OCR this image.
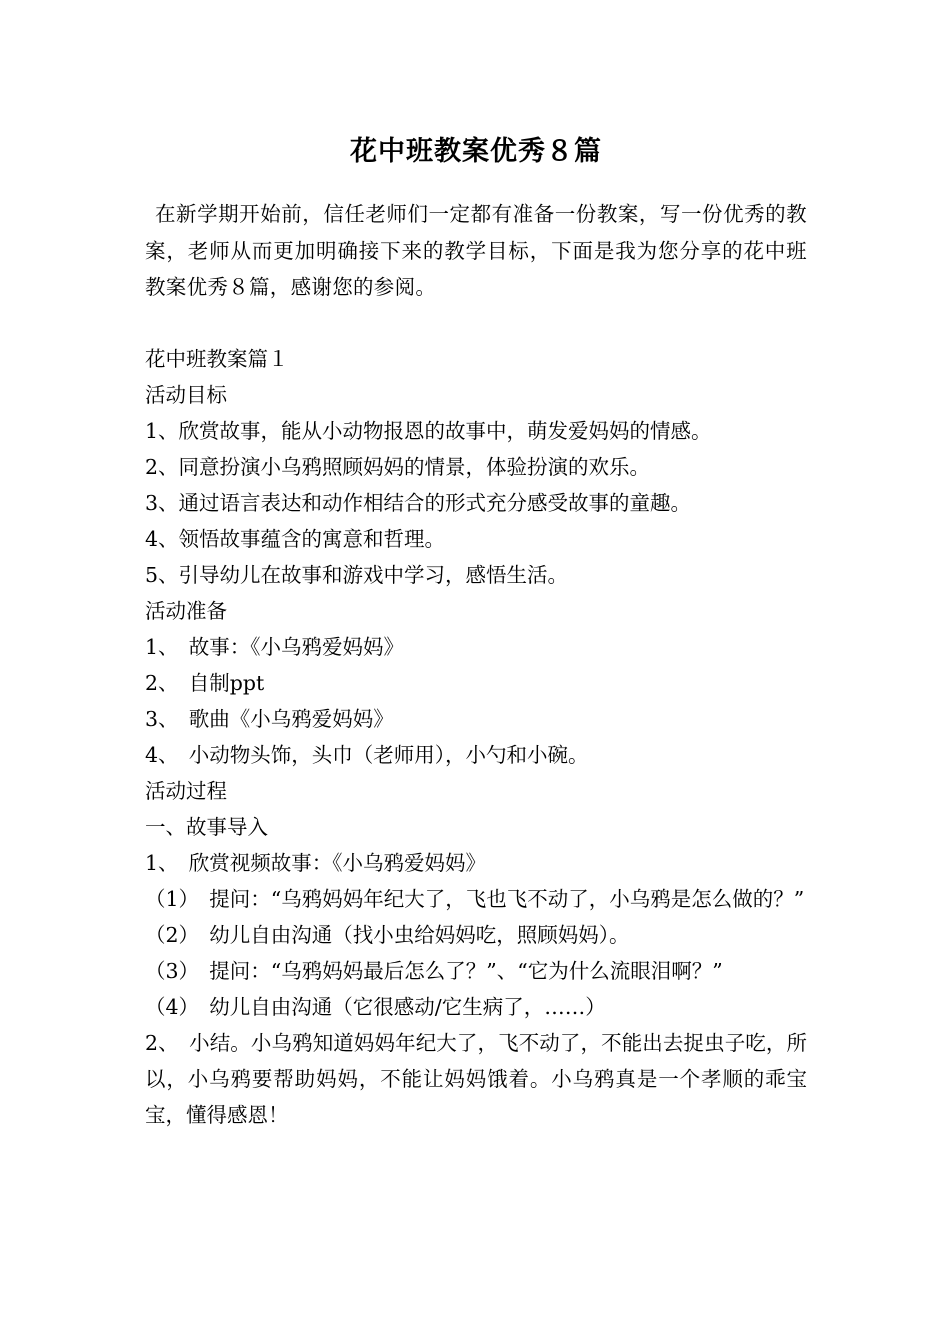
花中班教案优秀８篇

在新学期开始前，信任老师们一定都有准备一份教案，写一份优秀的教案，老师从而更加明确接下来的教学目标，下面是我为您分享的花中班教案优秀８篇，感谢您的参阅。

花中班教案篇１

活动目标

1、欣赏故事，能从小动物报恩的故事中，萌发爱妈妈的情感。

2、同意扮演小乌鸦照顾妈妈的情景，体验扮演的欢乐。

3、通过语言表达和动作相结合的形式充分感受故事的童趣。

4、领悟故事蕴含的寓意和哲理。

5、引导幼儿在故事和游戏中学习，感悟生活。

活动准备

1、　故事：《小乌鸦爱妈妈》

2、　自制ppt

3、　歌曲《小乌鸦爱妈妈》

4、　小动物头饰，头巾（老师用），小勺和小碗。

活动过程

一、故事导入

1、　欣赏视频故事：《小乌鸦爱妈妈》

（1）　提问：“乌鸦妈妈年纪大了，飞也飞不动了，小乌鸦是怎么做的？”

（2）　幼儿自由沟通（找小虫给妈妈吃，照顾妈妈）。

（3）　提问：“乌鸦妈妈最后怎么了？”、“它为什么流眼泪啊？”

（4）　幼儿自由沟通（它很感动/它生病了，……）

2、　小结。小乌鸦知道妈妈年纪大了，飞不动了，不能出去捉虫子吃，所以，小乌鸦要帮助妈妈，不能让妈妈饿着。小乌鸦真是一个孝顺的乖宝宝，懂得感恩！
